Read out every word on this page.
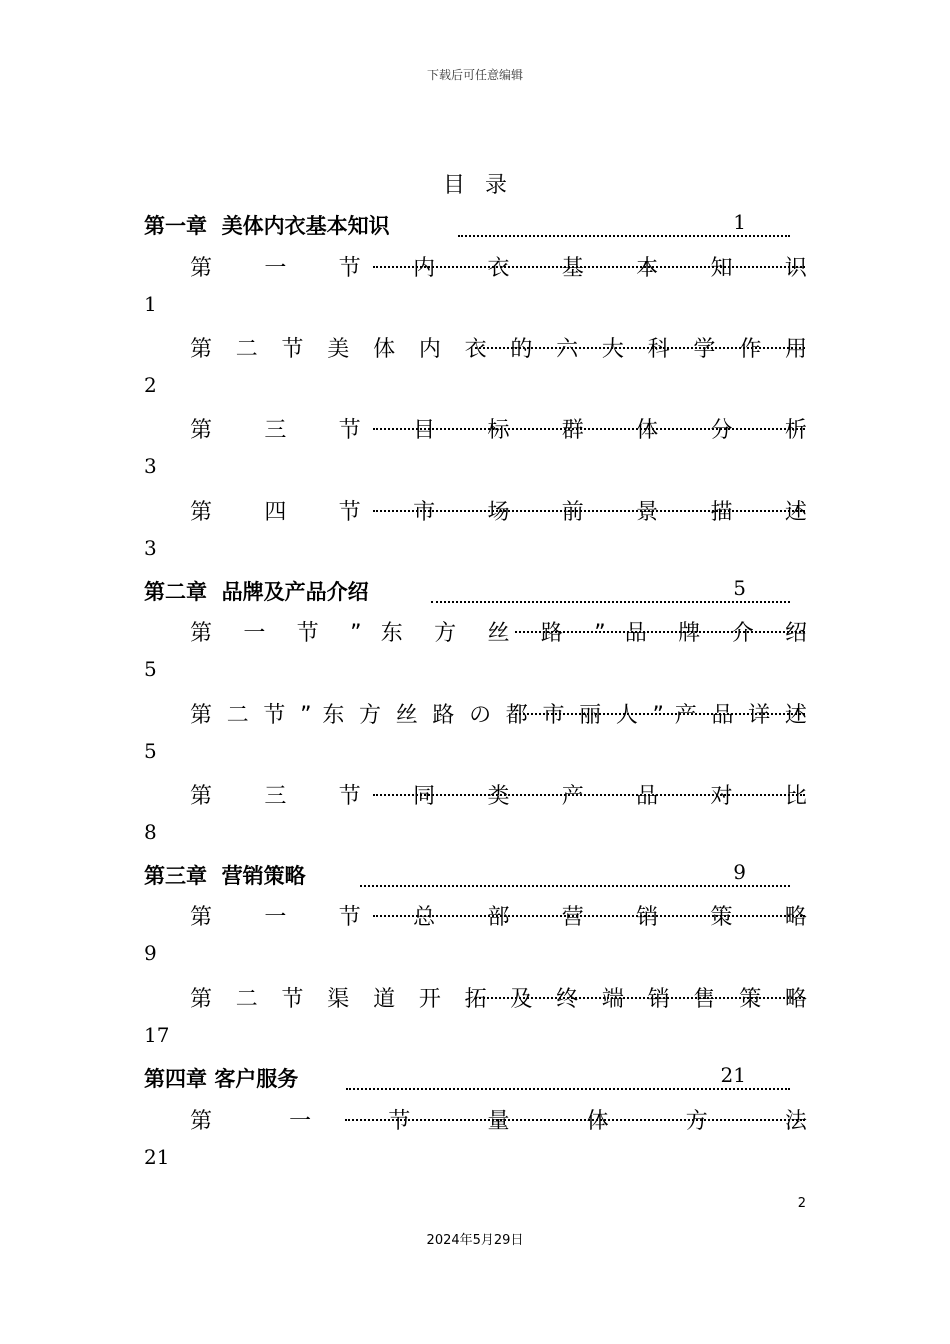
下载后可任意编辑
目录
第一章 美体内衣基本知识	1
第 一 节 内 衣 基 本 知 识
1
第 二 节 美 体 内 衣 的 六 大 科 学 作 用
2
第 三 节 目 标 群 体 分 析
3
第 四 节 市 场 前 景 描 述
3
第二章 品牌及产品介绍	5
第 一 节 ” 东 方 丝 路 ” 品 牌 介 绍
5
第 二 节 ” 东 方 丝 路 の 都 市 丽 人 ” 产 品 详 述
5
第 三 节 同 类 产 品 对 比
8
第三章 营销策略	9
第 一 节 总 部 营 销 策 略
9
第 二 节 渠 道 开 拓 及 终 端 销 售 策 略
17
第四章 客户服务	21
第 一 节 量 体 方 法
21
2
2024年5月29日
